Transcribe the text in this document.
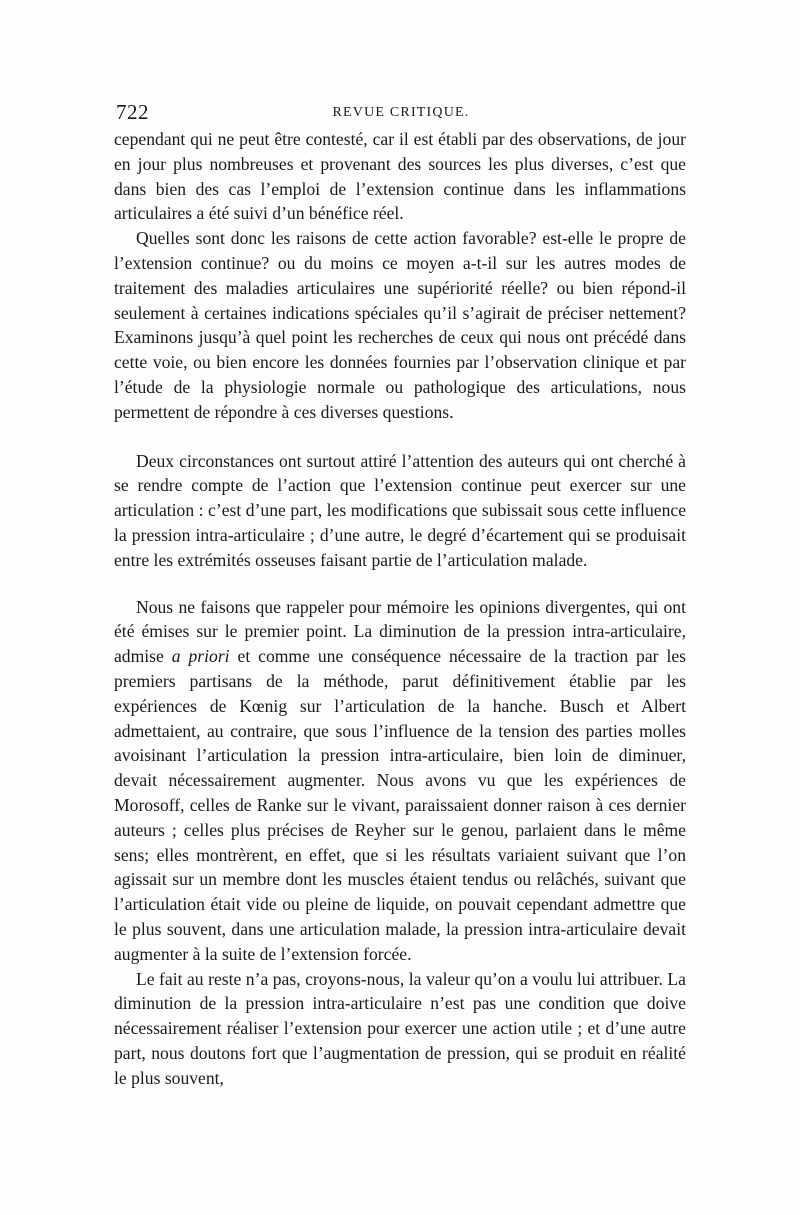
722	REVUE CRITIQUE.

cependant qui ne peut être contesté, car il est établi par des observations, de jour en jour plus nombreuses et provenant des sources les plus diverses, c’est que dans bien des cas l’emploi de l’extension continue dans les inflammations articulaires a été suivi d’un bénéfice réel.

Quelles sont donc les raisons de cette action favorable? est-elle le propre de l’extension continue? ou du moins ce moyen a-t-il sur les autres modes de traitement des maladies articulaires une supériorité réelle? ou bien répond-il seulement à certaines indications spéciales qu’il s’agirait de préciser nettement? Examinons jusqu’à quel point les recherches de ceux qui nous ont précédé dans cette voie, ou bien encore les données fournies par l’observation clinique et par l’étude de la physiologie normale ou pathologique des articulations, nous permettent de répondre à ces diverses questions.

Deux circonstances ont surtout attiré l’attention des auteurs qui ont cherché à se rendre compte de l’action que l’extension continue peut exercer sur une articulation : c’est d’une part, les modifications que subissait sous cette influence la pression intra-articulaire ; d’une autre, le degré d’écartement qui se produisait entre les extrémités osseuses faisant partie de l’articulation malade.

Nous ne faisons que rappeler pour mémoire les opinions divergentes, qui ont été émises sur le premier point. La diminution de la pression intra-articulaire, admise a priori et comme une conséquence nécessaire de la traction par les premiers partisans de la méthode, parut définitivement établie par les expériences de Kœnig sur l’articulation de la hanche. Busch et Albert admettaient, au contraire, que sous l’influence de la tension des parties molles avoisinant l’articulation la pression intra-articulaire, bien loin de diminuer, devait nécessairement augmenter. Nous avons vu que les expériences de Morosoff, celles de Ranke sur le vivant, paraissaient donner raison à ces dernier auteurs ; celles plus précises de Reyher sur le genou, parlaient dans le même sens; elles montrèrent, en effet, que si les résultats variaient suivant que l’on agissait sur un membre dont les muscles étaient tendus ou relâchés, suivant que l’articulation était vide ou pleine de liquide, on pouvait cependant admettre que le plus souvent, dans une articulation malade, la pression intra-articulaire devait augmenter à la suite de l’extension forcée.

Le fait au reste n’a pas, croyons-nous, la valeur qu’on a voulu lui attribuer. La diminution de la pression intra-articulaire n’est pas une condition que doive nécessairement réaliser l’extension pour exercer une action utile ; et d’une autre part, nous doutons fort que l’augmentation de pression, qui se produit en réalité le plus souvent,
